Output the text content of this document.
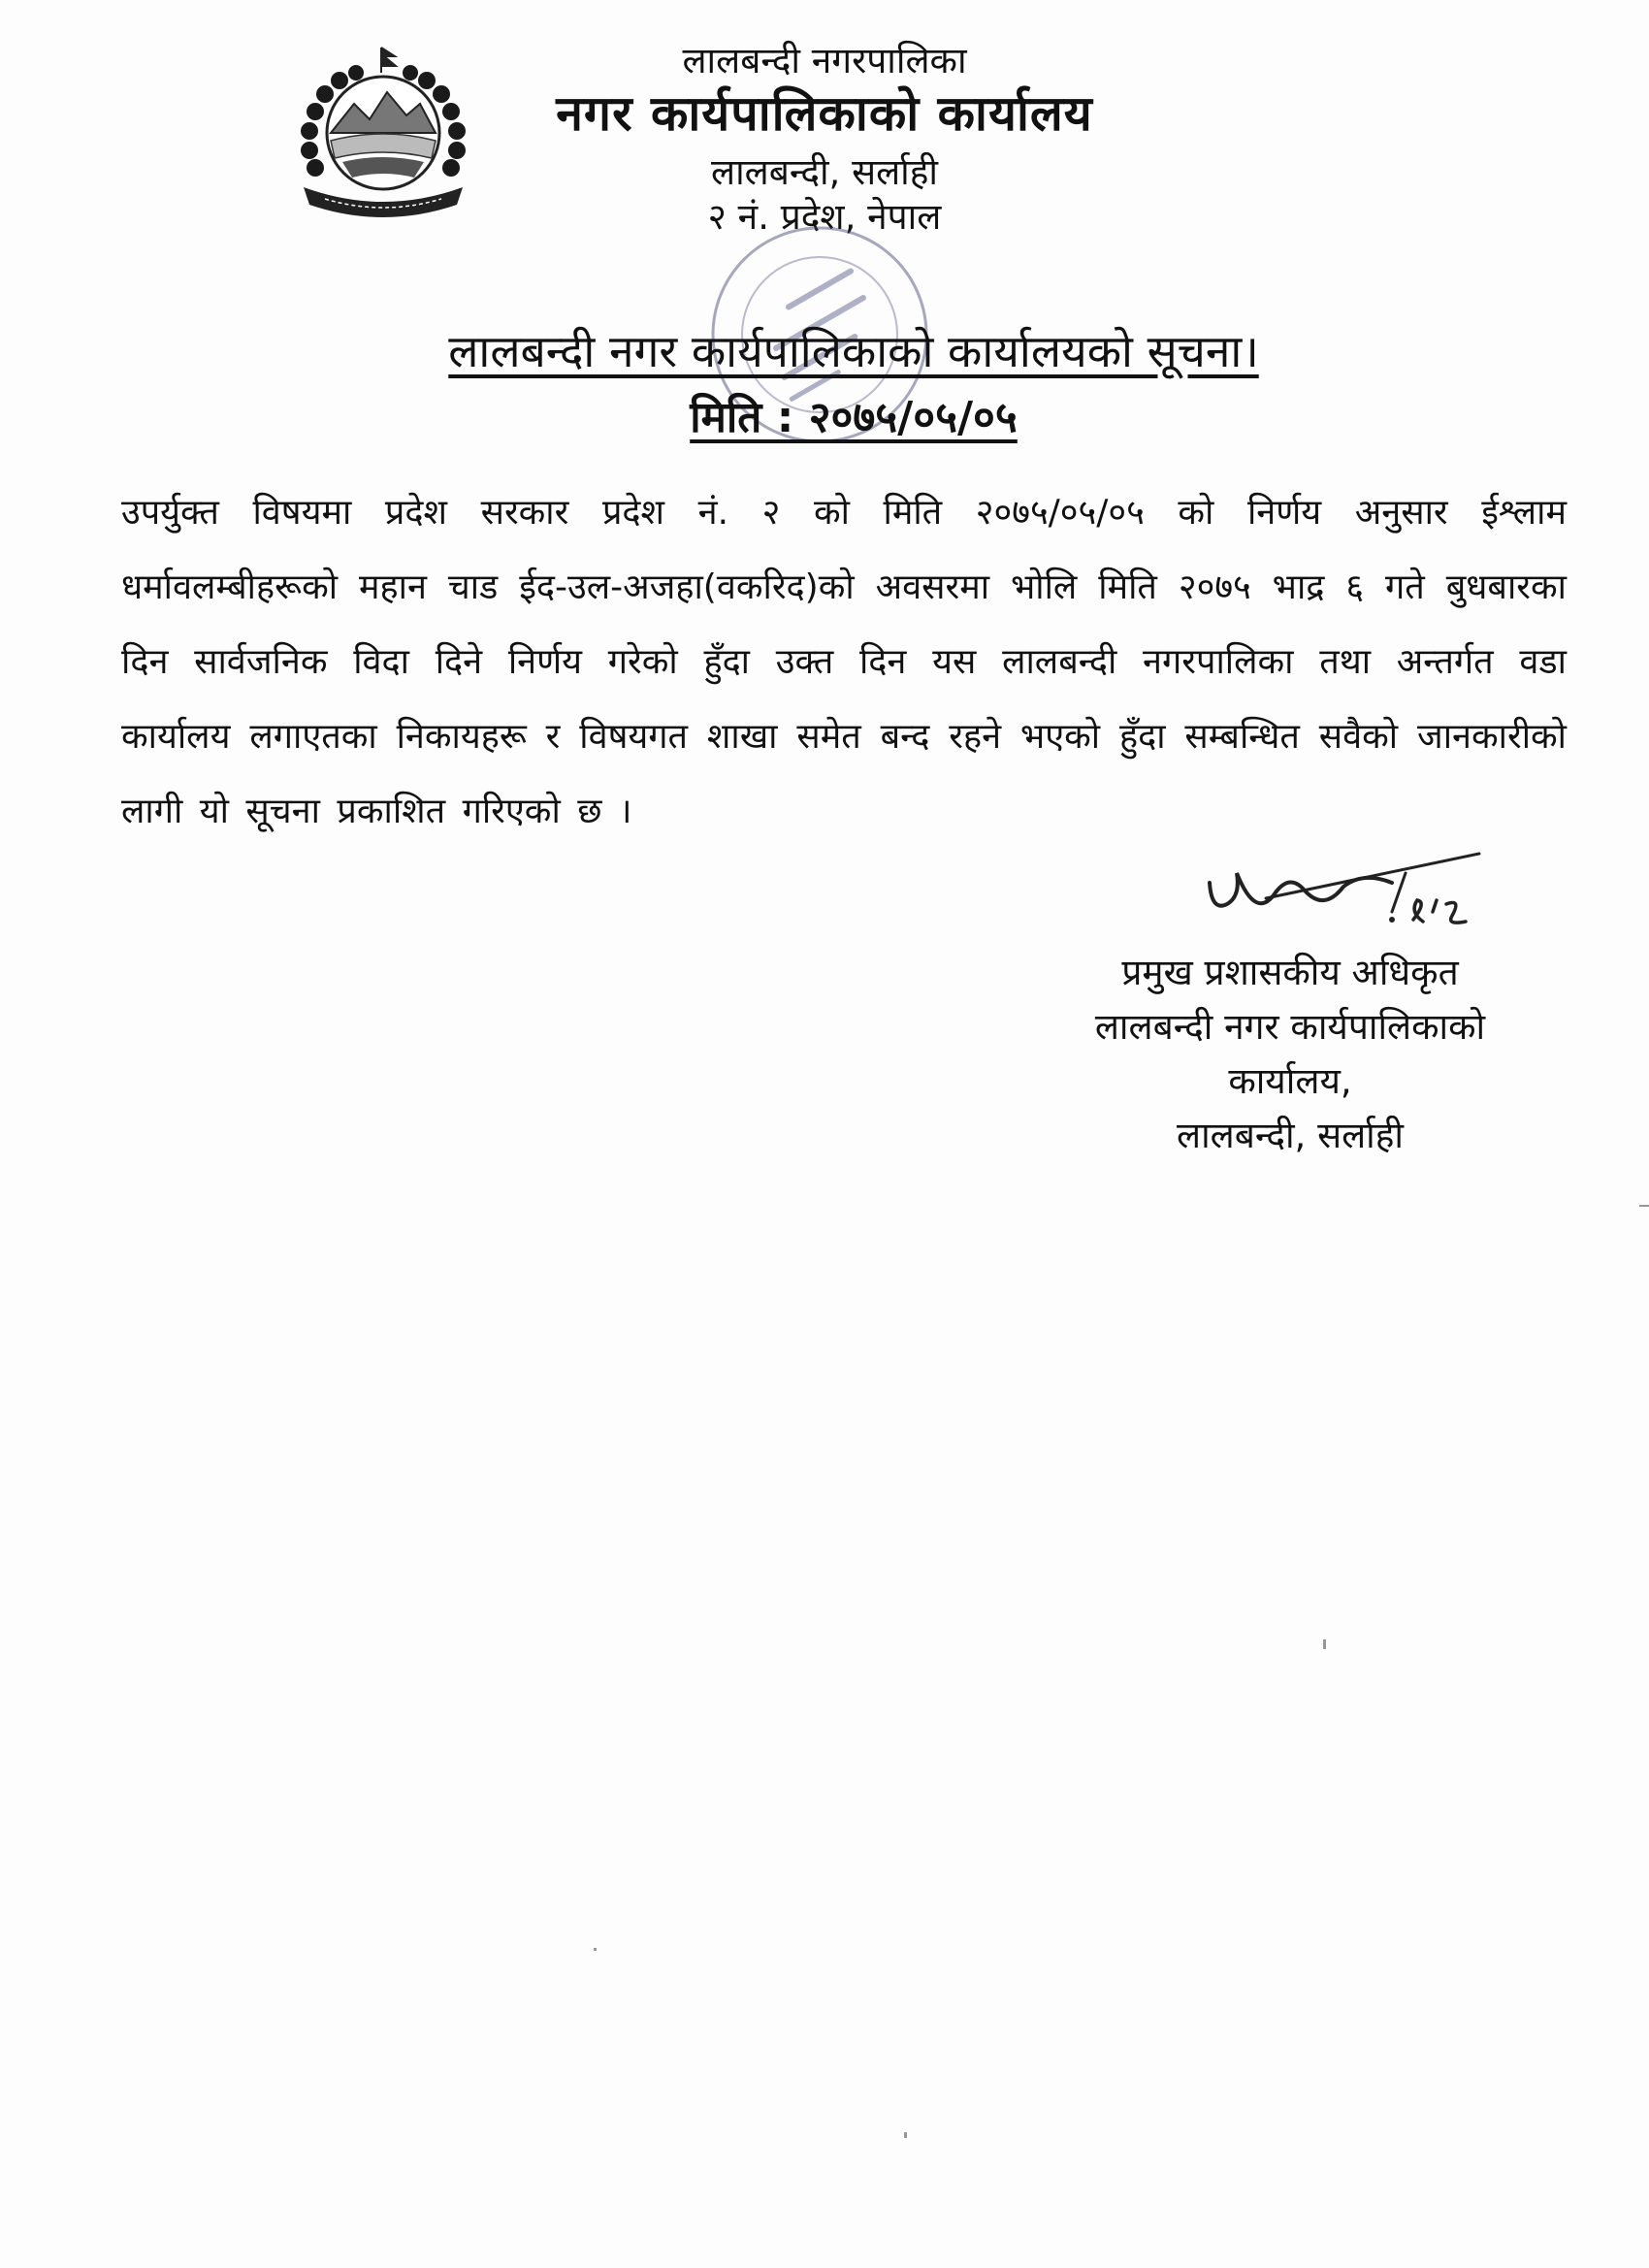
लालबन्दी नगरपालिका
नगर कार्यपालिकाको कार्यालय
लालबन्दी, सर्लाही
२ नं. प्रदेश, नेपाल
लालबन्दी नगर कार्यपालिकाको कार्यालयको सूचना।
मिति : २०७५/०५/०५
उपर्युक्त विषयमा प्रदेश सरकार प्रदेश नं. २ को मिति २०७५/०५/०५ को निर्णय अनुसार ईश्लाम धर्मावलम्बीहरूको महान चाड ईद-उल-अजहा(वकरिद)को अवसरमा भोलि मिति २०७५ भाद्र ६ गते बुधबारका दिन सार्वजनिक विदा दिने निर्णय गरेको हुँदा उक्त दिन यस लालबन्दी नगरपालिका तथा अन्तर्गत वडा कार्यालय लगाएतका निकायहरू र विषयगत शाखा समेत बन्द रहने भएको हुँदा सम्बन्धित सवैको जानकारीको लागी यो सूचना प्रकाशित गरिएको छ ।
प्रमुख प्रशासकीय अधिकृत
लालबन्दी नगर कार्यपालिकाको
कार्यालय,
लालबन्दी, सर्लाही
